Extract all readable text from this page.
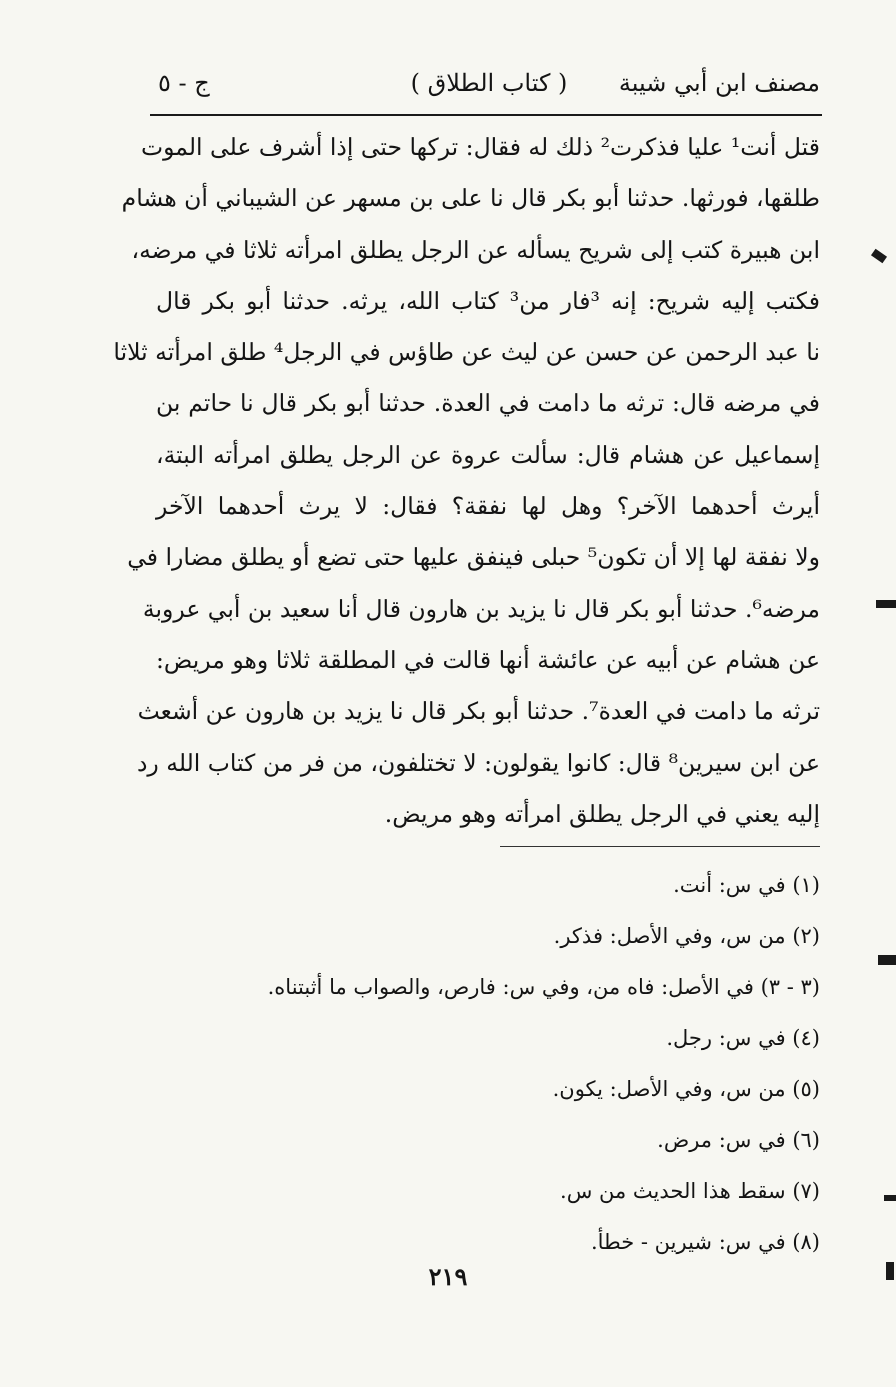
مصنف ابن أبي شيبة
( كتاب الطلاق )
ج - ٥
قتل أنت¹ عليا فذكرت² ذلك له فقال: تركها حتى إذا أشرف على الموت
طلقها، فورثها. حدثنا أبو بكر قال نا على بن مسهر عن الشيباني أن هشام
ابن هبيرة كتب إلى شريح يسأله عن الرجل يطلق امرأته ثلاثا في مرضه،
فكتب إليه شريح: إنه ³فار من³ كتاب الله، يرثه. حدثنا أبو بكر قال
نا عبد الرحمن عن حسن عن ليث عن طاؤس في الرجل⁴ طلق امرأته ثلاثا
في مرضه قال: ترثه ما دامت في العدة. حدثنا أبو بكر قال نا حاتم بن
إسماعيل عن هشام قال: سألت عروة عن الرجل يطلق امرأته البتة،
أيرث أحدهما الآخر؟ وهل لها نفقة؟ فقال: لا يرث أحدهما الآخر
ولا نفقة لها إلا أن تكون⁵ حبلى فينفق عليها حتى تضع أو يطلق مضارا في
مرضه⁶. حدثنا أبو بكر قال نا يزيد بن هارون قال أنا سعيد بن أبي عروبة
عن هشام عن أبيه عن عائشة أنها قالت في المطلقة ثلاثا وهو مريض:
ترثه ما دامت في العدة⁷. حدثنا أبو بكر قال نا يزيد بن هارون عن أشعث
عن ابن سيرين⁸ قال: كانوا يقولون: لا تختلفون، من فر من كتاب الله رد
إليه يعني في الرجل يطلق امرأته وهو مريض.
(١) في س: أنت.
(٢) من س، وفي الأصل: فذكر.
(٣ - ٣) في الأصل: فاه من، وفي س: فارص، والصواب ما أثبتناه.
(٤) في س: رجل.
(٥) من س، وفي الأصل: يكون.
(٦) في س: مرض.
(٧) سقط هذا الحديث من س.
(٨) في س: شيرين - خطأ.
٢١٩
